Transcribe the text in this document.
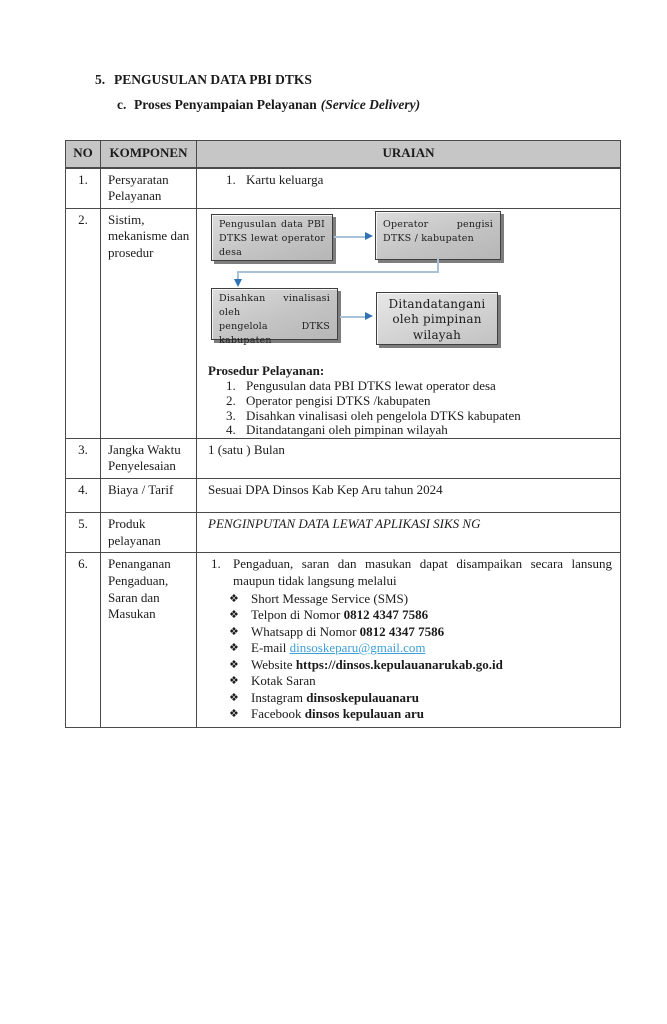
5. PENGUSULAN DATA PBI DTKS
c. Proses Penyampaian Pelayanan (Service Delivery)
NO	KOMPONEN	URAIAN
1.	Persyaratan Pelayanan	1. Kartu keluarga

2.	Sistim, mekanisme dan prosedur	
Pengusulan data PBI
DTKS lewat operator
desa
Operator pengisi
DTKS / kabupaten
Disahkan vinalisasi oleh
pengelola DTKS
kabupaten
Ditandatangani
oleh pimpinan
wilayah
Prosedur Pelayanan:
Pengusulan data PBI DTKS lewat operator desa
Operator pengisi DTKS /kabupaten
Disahkan vinalisasi oleh pengelola DTKS kabupaten
Ditandatangani oleh pimpinan wilayah

3.	Jangka Waktu Penyelesaian	1 (satu ) Bulan

4.	Biaya / Tarif	Sesuai DPA Dinsos Kab Kep Aru tahun 2024

5.	Produk pelayanan	PENGINPUTAN DATA LEWAT APLIKASI SIKS NG

6.	Penanganan Pengaduan, Saran dan Masukan	
1. Pengaduan, saran dan masukan dapat disampaikan secara lansung maupun tidak langsung melalui
❖ Short Message Service (SMS)
❖ Telpon di Nomor 0812 4347 7586
❖ Whatsapp di Nomor 0812 4347 7586
❖ E-mail dinsoskeparu@gmail.com
❖ Website https://dinsos.kepulauanarukab.go.id
❖ Kotak Saran
❖ Instagram dinsoskepulauanaru
❖ Facebook dinsos kepulauan aru
